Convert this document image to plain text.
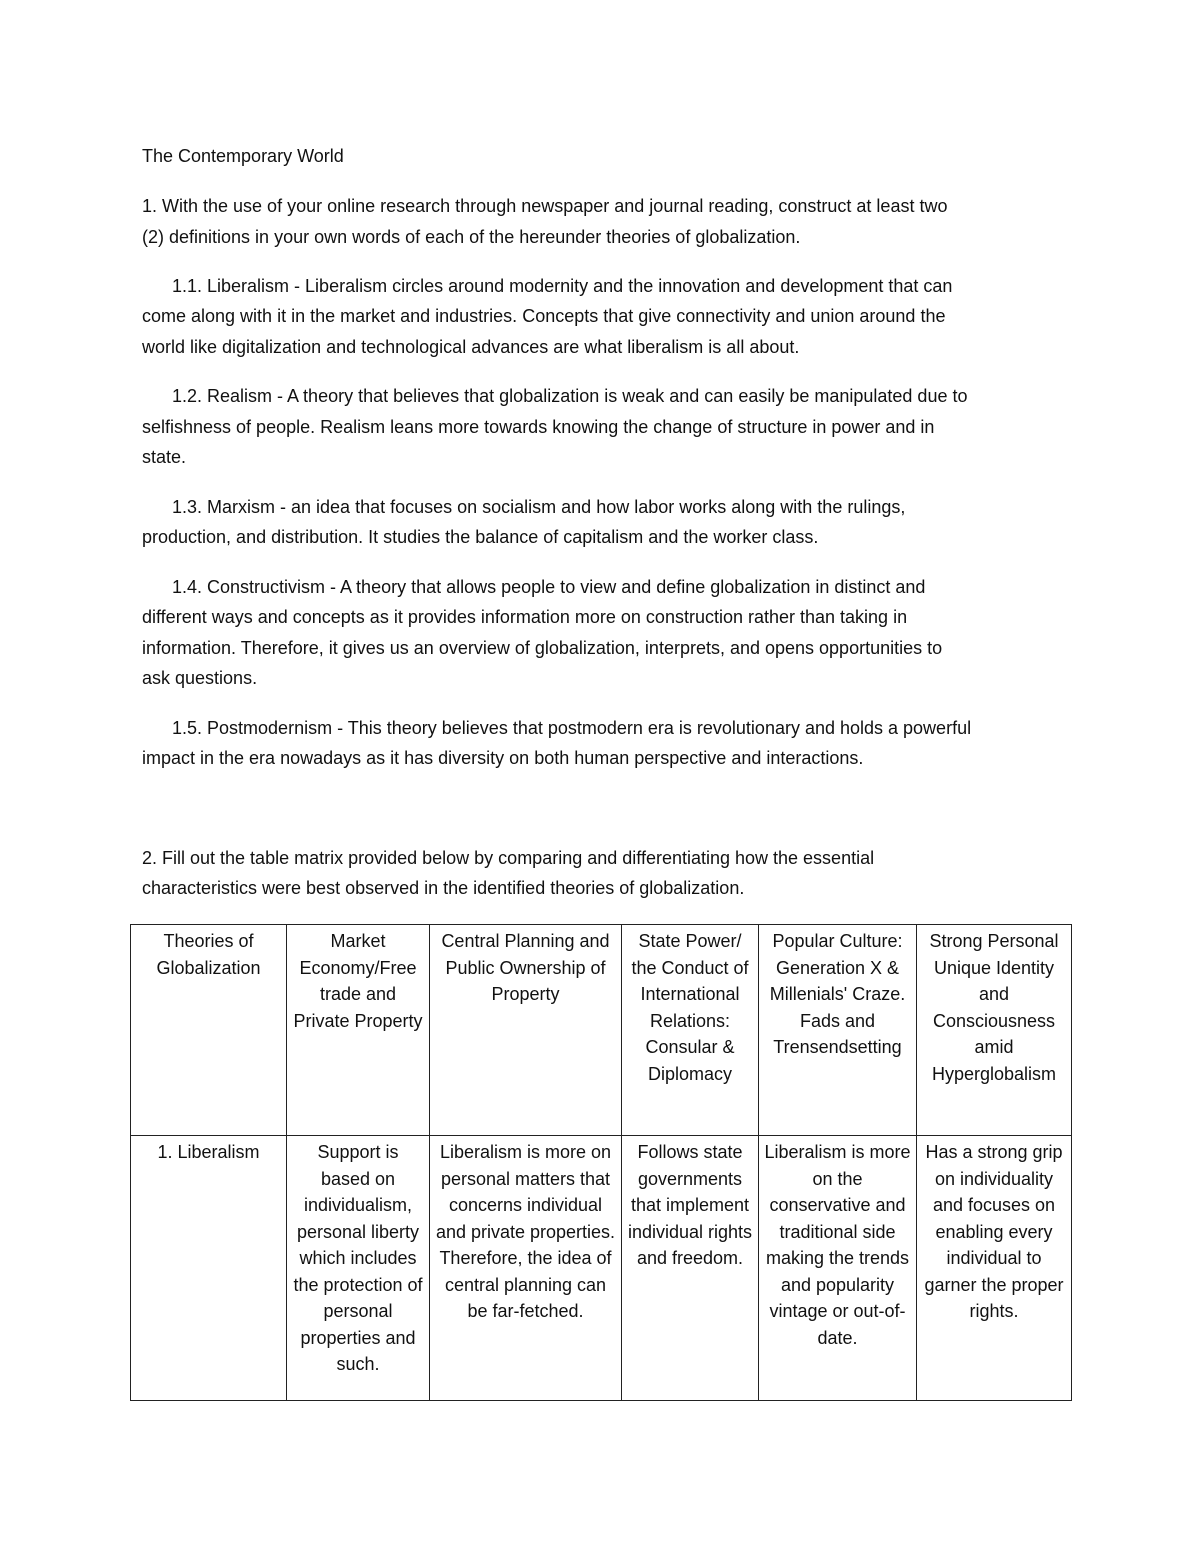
The Contemporary World
1. With the use of your online research through newspaper and journal reading, construct at least two
(2) definitions in your own words of each of the hereunder theories of globalization.
1.1. Liberalism - Liberalism circles around modernity and the innovation and development that can
come along with it in the market and industries. Concepts that give connectivity and union around the
world like digitalization and technological advances are what liberalism is all about.
1.2. Realism - A theory that believes that globalization is weak and can easily be manipulated due to
selfishness of people. Realism leans more towards knowing the change of structure in power and in
state.
1.3. Marxism - an idea that focuses on socialism and how labor works along with the rulings,
production, and distribution. It studies the balance of capitalism and the worker class.
1.4. Constructivism - A theory that allows people to view and define globalization in distinct and
different ways and concepts as it provides information more on construction rather than taking in
information. Therefore, it gives us an overview of globalization, interprets, and opens opportunities to
ask questions.
1.5. Postmodernism - This theory believes that postmodern era is revolutionary and holds a powerful
impact in the era nowadays as it has diversity on both human perspective and interactions.
2. Fill out the table matrix provided below by comparing and differentiating how the essential
characteristics were best observed in the identified theories of globalization.
Theories of Globalization	Market Economy/Free trade and Private Property	Central Planning and Public Ownership of Property	State Power/ the Conduct of International Relations: Consular & Diplomacy	Popular Culture: Generation X & Millenials' Craze. Fads and Trensendsetting	Strong Personal Unique Identity and Consciousness amid Hyperglobalism
1. Liberalism	Support is based on individualism, personal liberty which includes the protection of personal properties and such.	Liberalism is more on personal matters that concerns individual and private properties. Therefore, the idea of central planning can be far-fetched.	Follows state governments that implement individual rights and freedom.	Liberalism is more on the conservative and traditional side making the trends and popularity vintage or out-of-date.	Has a strong grip on individuality and focuses on enabling every individual to garner the proper rights.
